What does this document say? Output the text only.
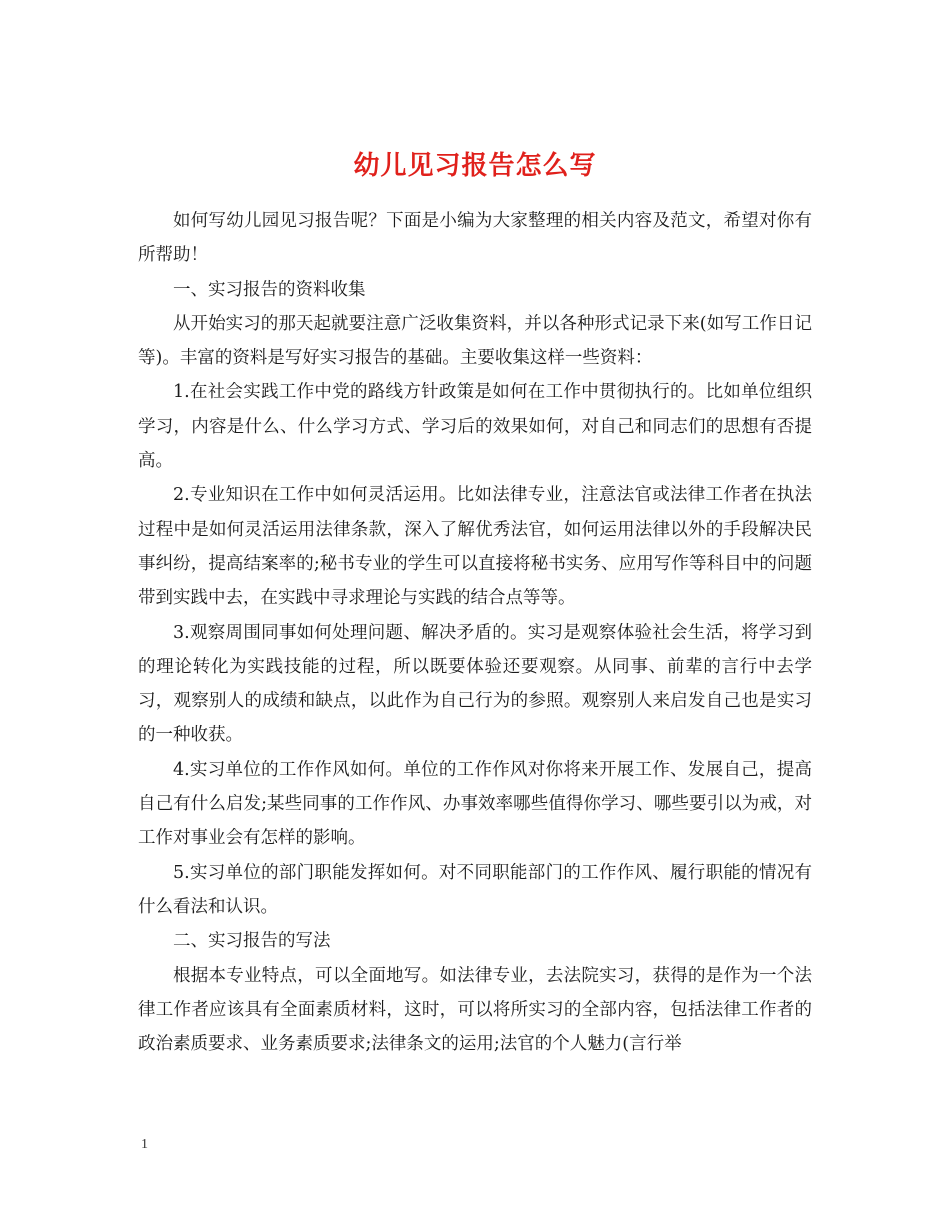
幼儿见习报告怎么写

如何写幼儿园见习报告呢？下面是小编为大家整理的相关内容及范文，希望对你有所帮助！

一、实习报告的资料收集

从开始实习的那天起就要注意广泛收集资料，并以各种形式记录下来(如写工作日记等)。丰富的资料是写好实习报告的基础。主要收集这样一些资料：

1.在社会实践工作中党的路线方针政策是如何在工作中贯彻执行的。比如单位组织学习，内容是什么、什么学习方式、学习后的效果如何，对自己和同志们的思想有否提高。

2.专业知识在工作中如何灵活运用。比如法律专业，注意法官或法律工作者在执法过程中是如何灵活运用法律条款，深入了解优秀法官，如何运用法律以外的手段解决民事纠纷，提高结案率的;秘书专业的学生可以直接将秘书实务、应用写作等科目中的问题带到实践中去，在实践中寻求理论与实践的结合点等等。

3.观察周围同事如何处理问题、解决矛盾的。实习是观察体验社会生活，将学习到的理论转化为实践技能的过程，所以既要体验还要观察。从同事、前辈的言行中去学习，观察别人的成绩和缺点，以此作为自己行为的参照。观察别人来启发自己也是实习的一种收获。

4.实习单位的工作作风如何。单位的工作作风对你将来开展工作、发展自己，提高自己有什么启发;某些同事的工作作风、办事效率哪些值得你学习、哪些要引以为戒，对工作对事业会有怎样的影响。

5.实习单位的部门职能发挥如何。对不同职能部门的工作作风、履行职能的情况有什么看法和认识。

二、实习报告的写法

根据本专业特点，可以全面地写。如法律专业，去法院实习，获得的是作为一个法律工作者应该具有全面素质材料，这时，可以将所实习的全部内容，包括法律工作者的政治素质要求、业务素质要求;法律条文的运用;法官的个人魅力(言行举

1
